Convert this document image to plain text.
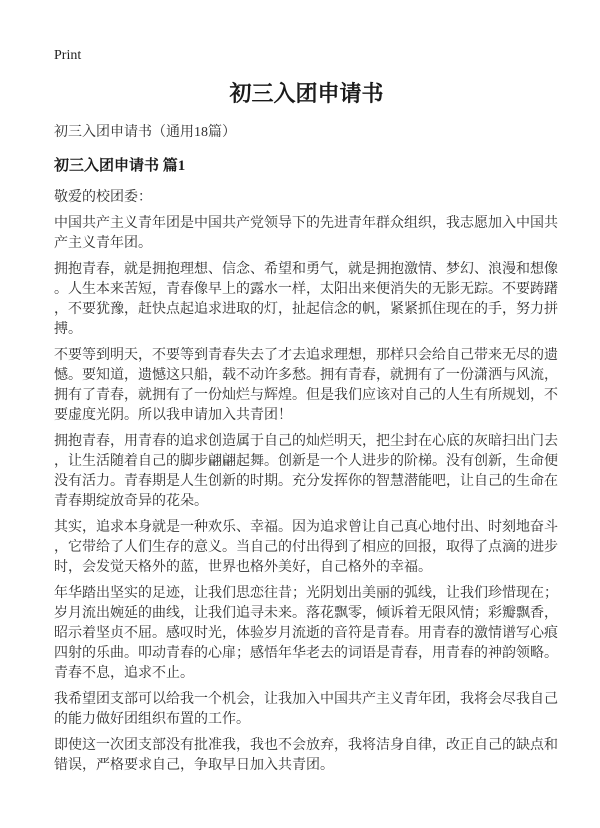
Print
初三入团申请书
初三入团申请书（通用18篇）
初三入团申请书 篇1

敬爱的校团委：

中国共产主义青年团是中国共产党领导下的先进青年群众组织，我志愿加入中国共产主义青年团。

拥抱青春，就是拥抱理想、信念、希望和勇气，就是拥抱激情、梦幻、浪漫和想像。人生本来苦短，青春像早上的露水一样，太阳出来便消失的无影无踪。不要踌躇，不要犹豫，赶快点起追求进取的灯，扯起信念的帆，紧紧抓住现在的手，努力拼搏。

不要等到明天，不要等到青春失去了才去追求理想，那样只会给自己带来无尽的遗憾。要知道，遗憾这只船，载不动许多愁。拥有青春，就拥有了一份潇洒与风流，拥有了青春，就拥有了一份灿烂与辉煌。但是我们应该对自己的人生有所规划，不要虚度光阴。所以我申请加入共青团！

拥抱青春，用青春的追求创造属于自己的灿烂明天，把尘封在心底的灰暗扫出门去，让生活随着自己的脚步翩翩起舞。创新是一个人进步的阶梯。没有创新，生命便没有活力。青春期是人生创新的时期。充分发挥你的智慧潜能吧，让自己的生命在青春期绽放奇异的花朵。

其实，追求本身就是一种欢乐、幸福。因为追求曾让自己真心地付出、时刻地奋斗，它带给了人们生存的意义。当自己的付出得到了相应的回报，取得了点滴的进步时，会发觉天格外的蓝，世界也格外美好，自己格外的幸福。

年华踏出坚实的足迹，让我们思恋往昔；光阴划出美丽的弧线，让我们珍惜现在；岁月流出婉延的曲线，让我们追寻未来。落花飘零，倾诉着无限风情；彩瓣飘香，昭示着坚贞不屈。感叹时光，体验岁月流逝的音符是青春。用青春的激情谱写心痕四射的乐曲。叩动青春的心扉；感悟年华老去的词语是青春，用青春的神韵领略。青春不息，追求不止。

我希望团支部可以给我一个机会，让我加入中国共产主义青年团，我将会尽我自己的能力做好团组织布置的工作。

即使这一次团支部没有批准我，我也不会放弃，我将洁身自律，改正自己的缺点和错误，严格要求自己，争取早日加入共青团。
